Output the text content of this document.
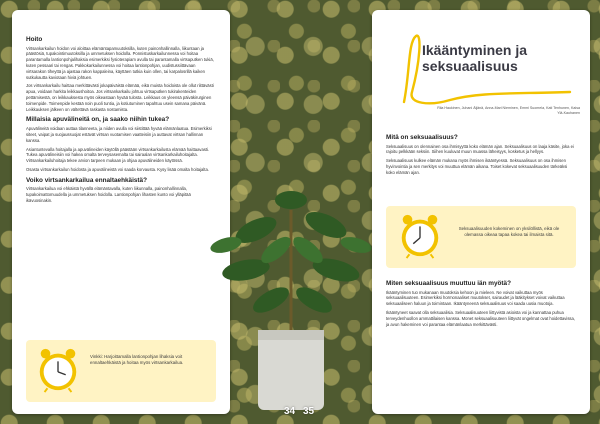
Hoito

Virtsankarkailun hoidon voi aloittaa elämäntapamuutoksilla, kuten painonhallinnalla, liikuntaan ja päästösiä, tupakointimuutoksilla ja ummetuksen hoidolla. Ponnistuskarkailunnessa voi hoitaa parantamalla lantionpohjalihaksia esimerkiksi fysioterapiam avulla tai parantamalla virtsaputken tukiä, kuten pessaari tai rengas. Pakkokarkailunnessa voi hoitaa lantionpohjan, uudistussiittävaan virtsarakon tiheyttä ja ajastaa rakon kappaleina, käyttäen tutkia kuin ollen, tai karpalosrillä kaiken sutkukautta kaviotaan hiviä johtuen.

Jos virtsankarkailu haittaa merkittävästi jokapäiväistä elämää, eikä muista hoidoista ole ollut riittävästi apua, voidaan harkita leikkaushoitoa. Jos virtsankarkailu johtuu virtsaputken tukirakenteiden pettämisestä, on leikkauksesta myös oikeastaan hyvää tulosta. Leikkaus on yleensä päiväkirurginen toimenpide. Toimenpide kestää noin puoli tuntia, ja kotiutuminen tapahtuu usein samana päivänä. Leikkauksen jälkeen on vältettävä raskasta nostamista.

Millaisia apuvälineitä on, ja saako niihin tukea?

Apuvälineitä voidaan auttaa tilanneeta, ja niiden avulla voi siistittää hyvää elämänlaatua. Esimerkiksi siteet, vaipat ja suojaussuojat estävät virtsan vuotamisen vaatteisiin ja auttavat virtsan hallinnan kanssa.

Asiantuntevalla hoitajalla ja apuvälineiden käytöllä päästään virtsankarkailusta elämää haittaavasti. Tukea apuvälineisiin voi hakea omalta terveysasemalta tai sairaalan virtsankarkailuhoitajalta. Virtsankarkailuhoitaja tekee arvion tarpeen mukaan ja ohjaa apuvälineiden käytössä.

Osasta virtsankarkailun hoidosta ja apuvälineistä voi saada korvausta. Kysy lisää omalta hoitajalta.

Voiko virtsankarkailua ennaltaehkäistä?

Virtsankarkailua voi ehkäistä hyvällä elämäntavalla, kuten liikunnalla, painonhallinnalla, tupakoimattomuudella ja ummetuksen hoidolla. Lantionpohjan lihasten kunto voi ylläpitää ikävuosinakin.

Vinkki: Harjoittamalla lantionpohjan lihaksia voit ennaltaehkäistä ja hoitaa myös virtsankarkailua.
34 35
Ikääntyminen ja seksuaalisuus
Riia Haukinen, Juhani Äijänä, Anna-Mari Nieminen, Emmi Suomela, Kati Tenhunen, Kaisa Ylä-Kauhanen
Mitä on seksuaalisuus?

Seksuaalisuus on olennainen osa ihmisyyttä koko elämän ajan. Seksuaalisuus on laaja käsite, joka ei rajoitu pelkkään seksiin. Siihen kuuluvat muun muassa läheisyys, kosketus ja hellyys.

Seksuaalisuus kulkee elämän mukana myös ihmisen ikääntyessä. Seksuaalisuus on osa ihmisen hyvinvointia ja sen merkitys voi muuttua elämän aikana. Toiset kokevat seksuaalisuuden tärkeäksi koko elämän ajan.

Seksuaalisuuden kokeminen on yksilöllistä, eikä ole olemassa oikeaa tapaa kokea tai ilmaista sitä.
Miten seksuaalisuus muuttuu iän myötä?

Ikääntyminen tuo mukanaan muutoksia kehoon ja mieleen. Ne voivat vaikuttaa myös seksuaalisuuteen. Esimerkiksi hormonaaliset muutokset, sairaudet ja lääkitykset voivat vaikuttaa seksuaaliseen haluun ja toimintaan. Ikääntyneenä seksuaalisuus voi saada uusia muotoja.

Ikääntyneet saavat olla seksuaalisia. Seksuaalisuuteen liittyvistä asioista voi ja kannattaa puhua terveydenhuollon ammattilaisen kanssa. Monet seksuaalisuuteen liittyvät ongelmat ovat hoidettavissa, ja avun hakeminen voi parantaa elämänlaatua merkittävästi.
